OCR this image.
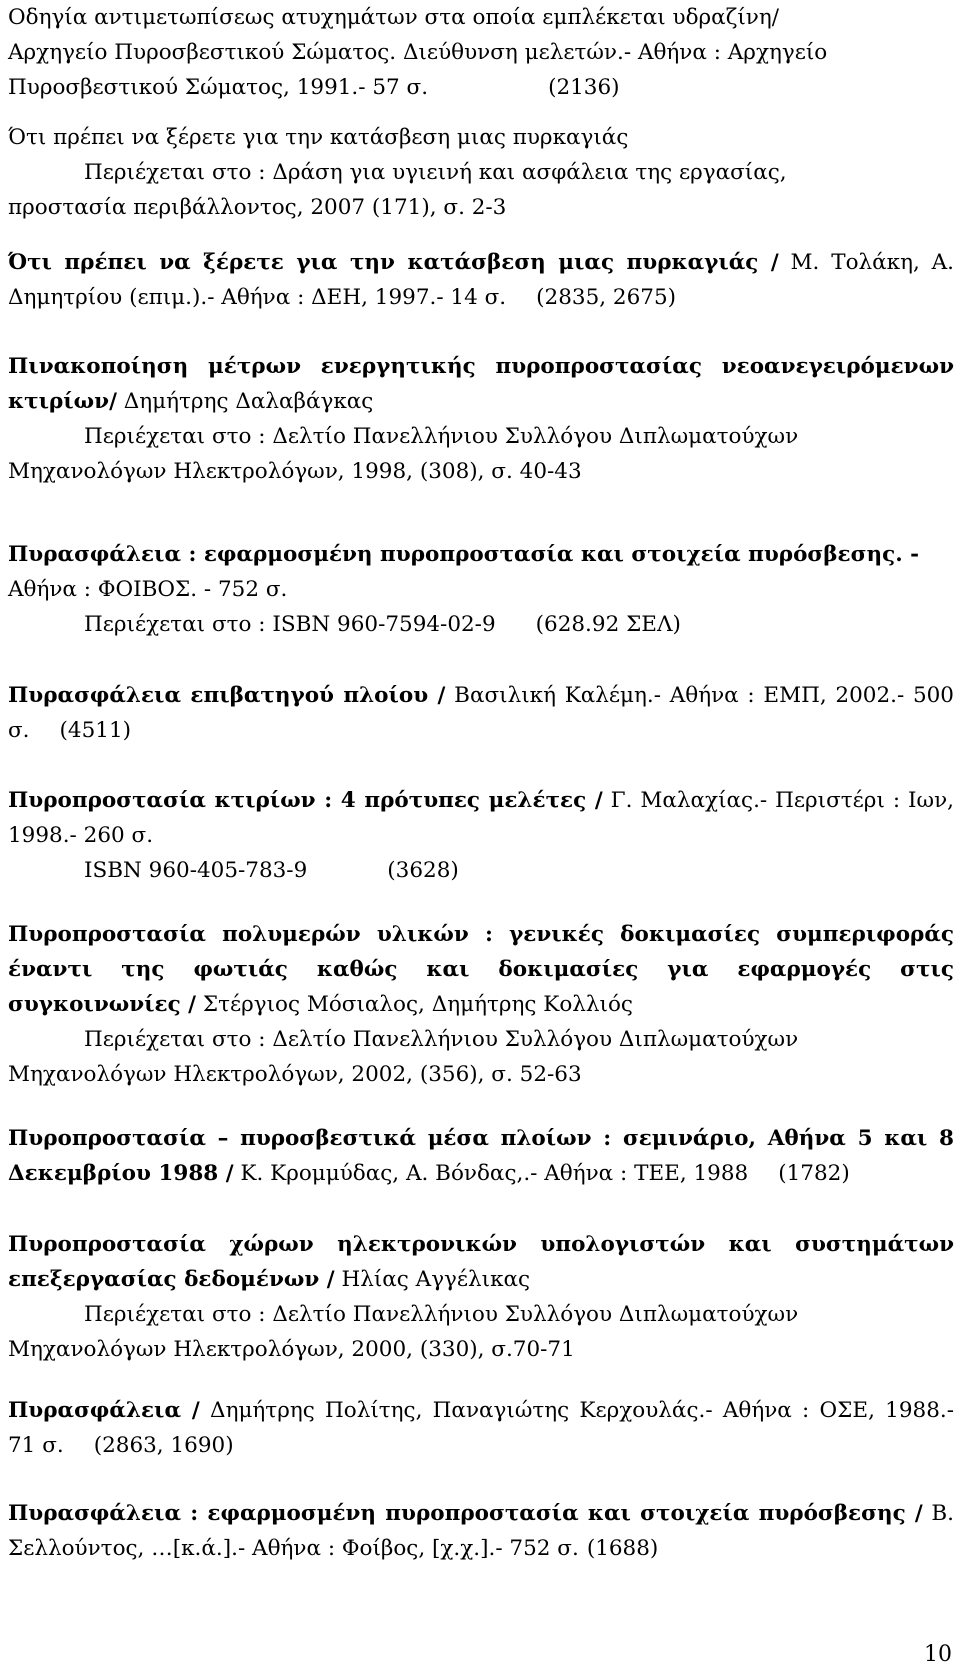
Οδηγία αντιμετωπίσεως ατυχημάτων στα οποία εμπλέκεται υδραζίνη/
Αρχηγείο Πυροσβεστικού Σώματος. Διεύθυνση μελετών.- Αθήνα : Αρχηγείο
Πυροσβεστικού Σώματος, 1991.- 57 σ.	(2136)
Ότι πρέπει να ξέρετε για την κατάσβεση μιας πυρκαγιάς
Περιέχεται στο : Δράση για υγιεινή και ασφάλεια της εργασίας,
προστασία περιβάλλοντος, 2007 (171), σ. 2-3
Ότι πρέπει να ξέρετε για την κατάσβεση μιας πυρκαγιάς / Μ. Τολάκη, Α. Δημητρίου (επιμ.).- Αθήνα : ΔΕΗ, 1997.- 14 σ. (2835, 2675)
Πινακοποίηση μέτρων ενεργητικής πυροπροστασίας νεοανεγειρόμενων κτιρίων/ Δημήτρης Δαλαβάγκας
Περιέχεται στο : Δελτίο Πανελλήνιου Συλλόγου Διπλωματούχων
Μηχανολόγων Ηλεκτρολόγων, 1998, (308), σ. 40-43
Πυρασφάλεια : εφαρμοσμένη πυροπροστασία και στοιχεία πυρόσβεσης. -
Αθήνα : ΦΟΙΒΟΣ. - 752 σ.
Περιέχεται στο : ISBN 960-7594-02-9 (628.92 ΣΕΛ)
Πυρασφάλεια επιβατηγού πλοίου / Βασιλική Καλέμη.- Αθήνα : ΕΜΠ, 2002.- 500 σ. (4511)
Πυροπροστασία κτιρίων : 4 πρότυπες μελέτες / Γ. Μαλαχίας.- Περιστέρι : Ιων, 1998.- 260 σ.
ISBN 960-405-783-9	(3628)
Πυροπροστασία πολυμερών υλικών : γενικές δοκιμασίες συμπεριφοράς έναντι της φωτιάς καθώς και δοκιμασίες για εφαρμογές στις συγκοινωνίες / Στέργιος Μόσιαλος, Δημήτρης Κολλιός
Περιέχεται στο : Δελτίο Πανελλήνιου Συλλόγου Διπλωματούχων
Μηχανολόγων Ηλεκτρολόγων, 2002, (356), σ. 52-63
Πυροπροστασία – πυροσβεστικά μέσα πλοίων : σεμινάριο, Αθήνα 5 και 8 Δεκεμβρίου 1988 / Κ. Κρομμύδας, Α. Βόνδας,.- Αθήνα : ΤΕΕ, 1988 (1782)
Πυροπροστασία χώρων ηλεκτρονικών υπολογιστών και συστημάτων επεξεργασίας δεδομένων / Ηλίας Αγγέλικας
Περιέχεται στο : Δελτίο Πανελλήνιου Συλλόγου Διπλωματούχων
Μηχανολόγων Ηλεκτρολόγων, 2000, (330), σ.70-71
Πυρασφάλεια / Δημήτρης Πολίτης, Παναγιώτης Κερχουλάς.- Αθήνα : ΟΣΕ, 1988.- 71 σ. (2863, 1690)
Πυρασφάλεια : εφαρμοσμένη πυροπροστασία και στοιχεία πυρόσβεσης / Β. Σελλούντος, …[κ.ά.].- Αθήνα : Φοίβος, [χ.χ.].- 752 σ. (1688)
10
